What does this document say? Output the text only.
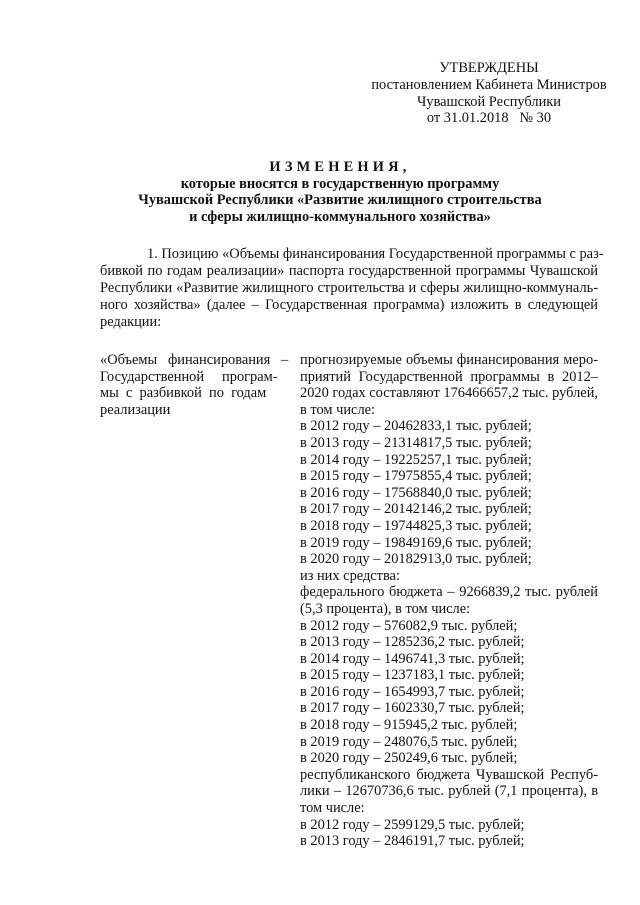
УТВЕРЖДЕНЫ
постановлением Кабинета Министров
Чувашской Республики
от 31.01.2018   № 30
ИЗМЕНЕНИЯ,
которые вносятся в государственную программу
Чувашской Республики «Развитие жилищного строительства
и сферы жилищно-коммунального хозяйства»
1. Позицию «Объемы финансирования Государственной программы с раз-
бивкой по годам реализации» паспорта государственной программы Чувашской
Республики «Развитие жилищного строительства и сферы жилищно-коммуналь-
ного хозяйства» (далее – Государственная программа) изложить в следующей
редакции:
«Объемы   финансирования   –
Государственной     програм-
мы  с  разбивкой  по  годам
реализации
прогнозируемые объемы финансирования меро-
приятий Государственной программы в 2012–
2020 годах составляют 176466657,2 тыс. рублей,
в том числе:
в 2012 году – 20462833,1 тыс. рублей;
в 2013 году – 21314817,5 тыс. рублей;
в 2014 году – 19225257,1 тыс. рублей;
в 2015 году – 17975855,4 тыс. рублей;
в 2016 году – 17568840,0 тыс. рублей;
в 2017 году – 20142146,2 тыс. рублей;
в 2018 году – 19744825,3 тыс. рублей;
в 2019 году – 19849169,6 тыс. рублей;
в 2020 году – 20182913,0 тыс. рублей;
из них средства:
федерального бюджета – 9266839,2 тыс. рублей
(5,3 процента), в том числе:
в 2012 году – 576082,9 тыс. рублей;
в 2013 году – 1285236,2 тыс. рублей;
в 2014 году – 1496741,3 тыс. рублей;
в 2015 году – 1237183,1 тыс. рублей;
в 2016 году – 1654993,7 тыс. рублей;
в 2017 году – 1602330,7 тыс. рублей;
в 2018 году – 915945,2 тыс. рублей;
в 2019 году – 248076,5 тыс. рублей;
в 2020 году – 250249,6 тыс. рублей;
республиканского бюджета Чувашской Респуб-
лики – 12670736,6 тыс. рублей (7,1 процента), в
том числе:
в 2012 году – 2599129,5 тыс. рублей;
в 2013 году – 2846191,7 тыс. рублей;
